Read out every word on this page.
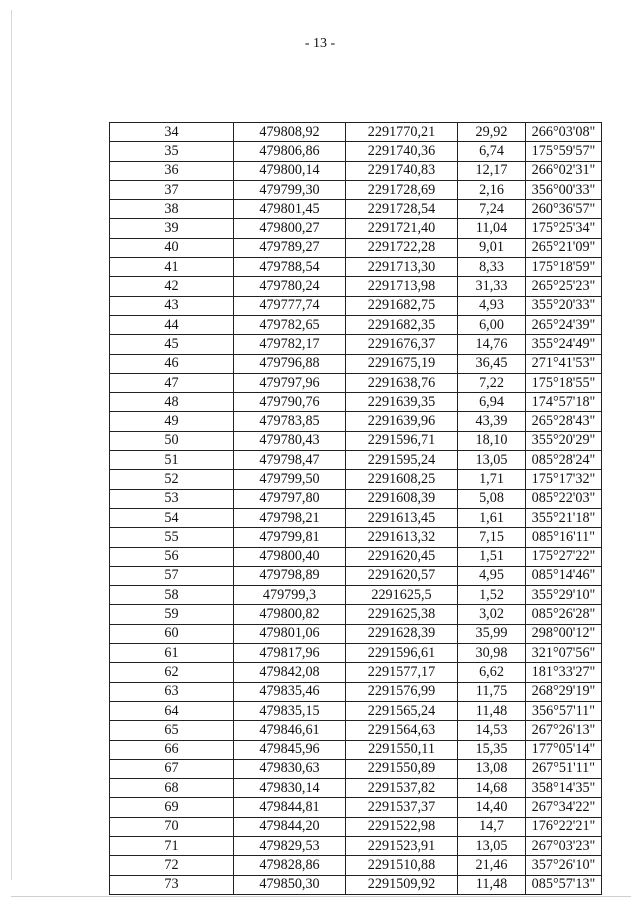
- 13 -
34	479808,92	2291770,21	29,92	266°03'08"
35	479806,86	2291740,36	6,74	175°59'57"
36	479800,14	2291740,83	12,17	266°02'31"
37	479799,30	2291728,69	2,16	356°00'33"
38	479801,45	2291728,54	7,24	260°36'57"
39	479800,27	2291721,40	11,04	175°25'34"
40	479789,27	2291722,28	9,01	265°21'09"
41	479788,54	2291713,30	8,33	175°18'59"
42	479780,24	2291713,98	31,33	265°25'23"
43	479777,74	2291682,75	4,93	355°20'33"
44	479782,65	2291682,35	6,00	265°24'39"
45	479782,17	2291676,37	14,76	355°24'49"
46	479796,88	2291675,19	36,45	271°41'53"
47	479797,96	2291638,76	7,22	175°18'55"
48	479790,76	2291639,35	6,94	174°57'18"
49	479783,85	2291639,96	43,39	265°28'43"
50	479780,43	2291596,71	18,10	355°20'29"
51	479798,47	2291595,24	13,05	085°28'24"
52	479799,50	2291608,25	1,71	175°17'32"
53	479797,80	2291608,39	5,08	085°22'03"
54	479798,21	2291613,45	1,61	355°21'18"
55	479799,81	2291613,32	7,15	085°16'11"
56	479800,40	2291620,45	1,51	175°27'22"
57	479798,89	2291620,57	4,95	085°14'46"
58	479799,3	2291625,5	1,52	355°29'10"
59	479800,82	2291625,38	3,02	085°26'28"
60	479801,06	2291628,39	35,99	298°00'12"
61	479817,96	2291596,61	30,98	321°07'56"
62	479842,08	2291577,17	6,62	181°33'27"
63	479835,46	2291576,99	11,75	268°29'19"
64	479835,15	2291565,24	11,48	356°57'11"
65	479846,61	2291564,63	14,53	267°26'13"
66	479845,96	2291550,11	15,35	177°05'14"
67	479830,63	2291550,89	13,08	267°51'11"
68	479830,14	2291537,82	14,68	358°14'35"
69	479844,81	2291537,37	14,40	267°34'22"
70	479844,20	2291522,98	14,7	176°22'21"
71	479829,53	2291523,91	13,05	267°03'23"
72	479828,86	2291510,88	21,46	357°26'10"
73	479850,30	2291509,92	11,48	085°57'13"
